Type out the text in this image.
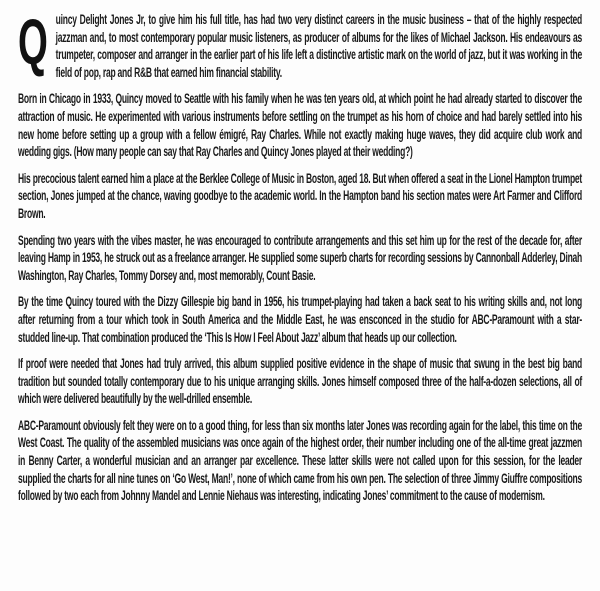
Quincy Delight Jones Jr, to give him his full title, has had two very distinct careers in the music business – that of the highly respected jazzman and, to most contemporary popular music listeners, as producer of albums for the likes of Michael Jackson. His endeavours as trumpeter, composer and arranger in the earlier part of his life left a distinctive artistic mark on the world of jazz, but it was working in the field of pop, rap and R&B that earned him financial stability.

Born in Chicago in 1933, Quincy moved to Seattle with his family when he was ten years old, at which point he had already started to discover the attraction of music. He experimented with various instruments before settling on the trumpet as his horn of choice and had barely settled into his new home before setting up a group with a fellow émigré, Ray Charles. While not exactly making huge waves, they did acquire club work and wedding gigs. (How many people can say that Ray Charles and Quincy Jones played at their wedding?)

His precocious talent earned him a place at the Berklee College of Music in Boston, aged 18. But when offered a seat in the Lionel Hampton trumpet section, Jones jumped at the chance, waving goodbye to the academic world. In the Hampton band his section mates were Art Farmer and Clifford Brown.

Spending two years with the vibes master, he was encouraged to contribute arrangements and this set him up for the rest of the decade for, after leaving Hamp in 1953, he struck out as a freelance arranger. He supplied some superb charts for recording sessions by Cannonball Adderley, Dinah Washington, Ray Charles, Tommy Dorsey and, most memorably, Count Basie.

By the time Quincy toured with the Dizzy Gillespie big band in 1956, his trumpet-playing had taken a back seat to his writing skills and, not long after returning from a tour which took in South America and the Middle East, he was ensconced in the studio for ABC-Paramount with a star-studded line-up. That combination produced the ‘This Is How I Feel About Jazz’ album that heads up our collection.

If proof were needed that Jones had truly arrived, this album supplied positive evidence in the shape of music that swung in the best big band tradition but sounded totally contemporary due to his unique arranging skills. Jones himself composed three of the half-a-dozen selections, all of which were delivered beautifully by the well-drilled ensemble.

ABC-Paramount obviously felt they were on to a good thing, for less than six months later Jones was recording again for the label, this time on the West Coast. The quality of the assembled musicians was once again of the highest order, their number including one of the all-time great jazzmen in Benny Carter, a wonderful musician and an arranger par excellence. These latter skills were not called upon for this session, for the leader supplied the charts for all nine tunes on ‘Go West, Man!’, none of which came from his own pen. The selection of three Jimmy Giuffre compositions followed by two each from Johnny Mandel and Lennie Niehaus was interesting, indicating Jones’ commitment to the cause of modernism.
